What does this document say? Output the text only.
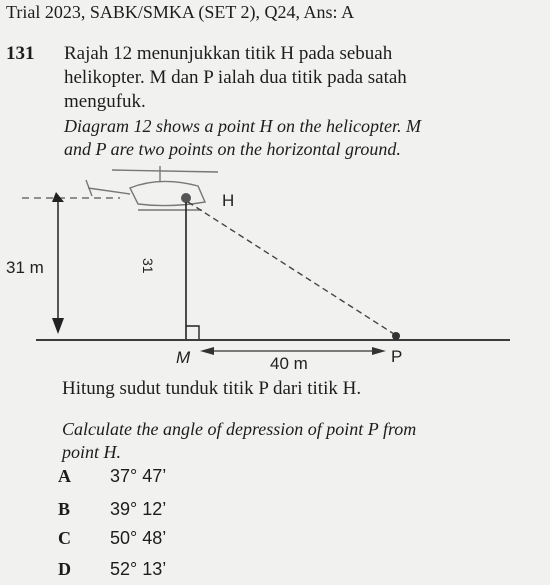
Trial 2023, SABK/SMKA (SET 2), Q24, Ans: A
131 Rajah 12 menunjukkan titik H pada sebuah
helikopter. M dan P ialah dua titik pada satah
mengufuk.
Diagram 12 shows a point H on the helicopter. M
and P are two points on the horizontal ground.
H
31 m	31
M	40 m	P
Hitung sudut tunduk titik P dari titik H.
Calculate the angle of depression of point P from
point H.
A 37° 47’
B 39° 12’
C 50° 48’
D 52° 13’
